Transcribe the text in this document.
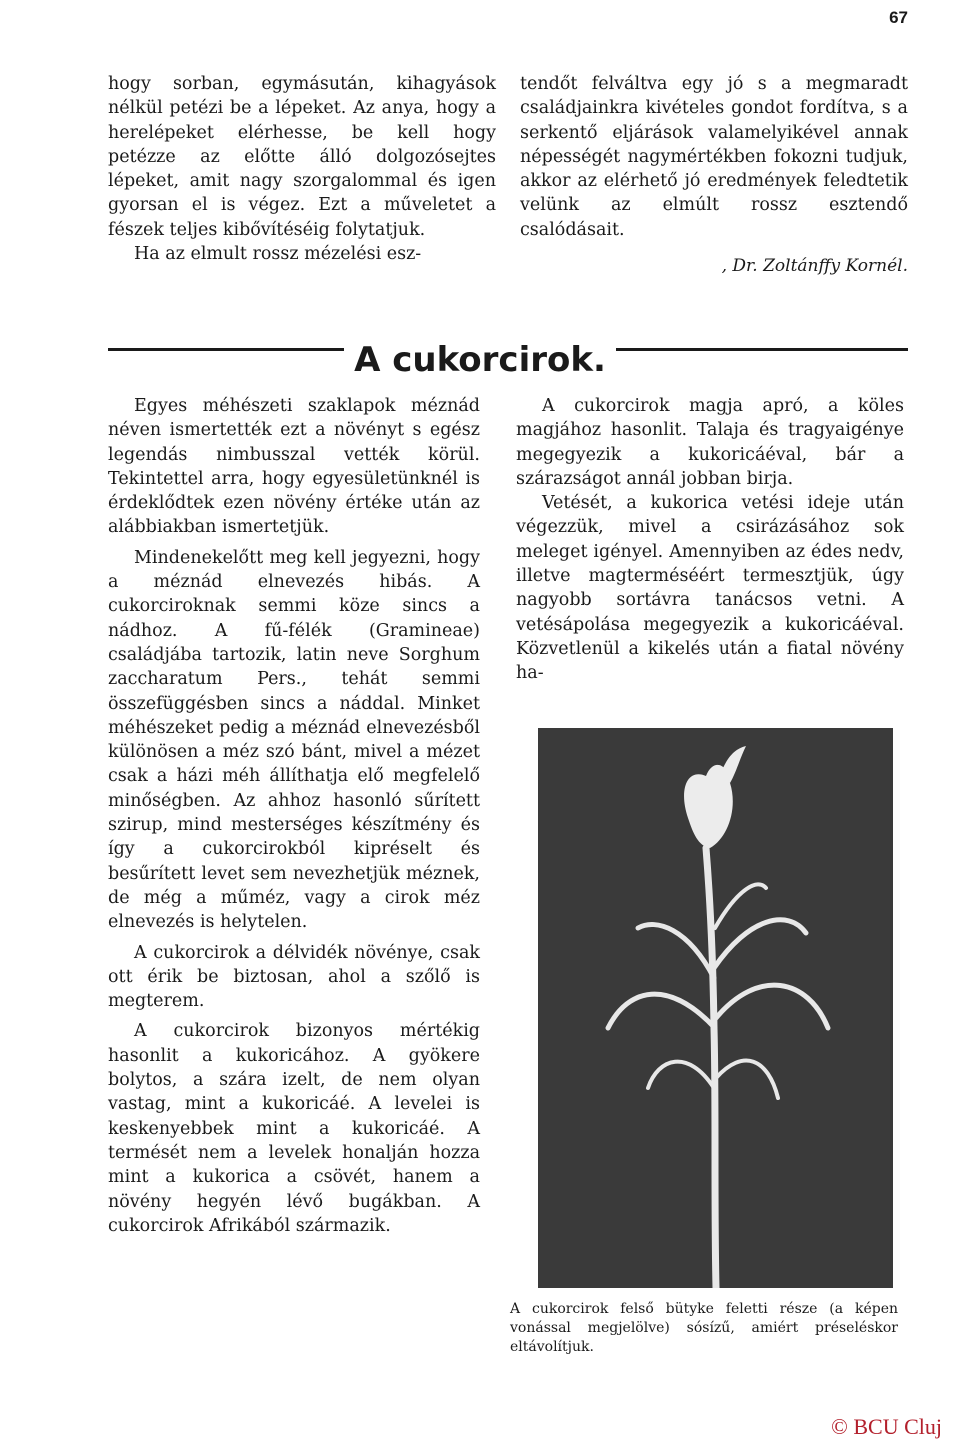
67

hogy sorban, egymásután, kihagyások nélkül petézi be a lépeket. Az anya, hogy a herelépeket elérhesse, be kell hogy petézze az előtte álló dolgozósejtes lépeket, amit nagy szorgalommal és igen gyorsan el is végez. Ezt a műveletet a fészek teljes kibővítéséig folytatjuk.

Ha az elmult rossz mézelési esz-

tendőt felváltva egy jó s a megmaradt családjainkra kivételes gondot fordítva, s a serkentő eljárások valamelyikével annak népességét nagymértékben fokozni tudjuk, akkor az elérhető jó eredmények feledtetik velünk az elmúlt rossz esztendő csalódásait.

, Dr. Zoltánffy Kornél.
A cukorcirok.

Egyes méhészeti szaklapok méznád néven ismertették ezt a növényt s egész legendás nimbusszal vették körül. Tekintettel arra, hogy egyesületünknél is érdeklődtek ezen növény értéke után az alábbiakban ismertetjük.

Mindenekelőtt meg kell jegyezni, hogy a méznád elnevezés hibás. A cukorciroknak semmi köze sincs a nádhoz. A fű-félék (Gramineae) családjába tartozik, latin neve Sorghum zaccharatum Pers., tehát semmi összefüggésben sincs a náddal. Minket méhészeket pedig a méznád elnevezésből különösen a méz szó bánt, mivel a mézet csak a házi méh állíthatja elő megfelelő minőségben. Az ahhoz hasonló sűrített szirup, mind mesterséges készítmény és így a cukorcirokból kipréselt és besűrített levet sem nevezhetjük méznek, de még a műméz, vagy a cirok méz elnevezés is helytelen.

A cukorcirok a délvidék növénye, csak ott érik be biztosan, ahol a szőlő is megterem.

A cukorcirok bizonyos mértékig hasonlit a kukoricához. A gyökere bolytos, a szára izelt, de nem olyan vastag, mint a kukoricáé. A levelei is keskenyebbek mint a kukoricáé. A termését nem a levelek honalján hozza mint a kukorica a csövét, hanem a növény hegyén lévő bugákban. A cukorcirok Afrikából származik.

A cukorcirok magja apró, a köles magjához hasonlit. Talaja és tragyaigénye megegyezik a kukoricáéval, bár a szárazságot annál jobban birja.

Vetését, a kukorica vetési ideje után végezzük, mivel a csirázásához sok meleget igényel. Amennyiben az édes nedv, illetve magterméséért termesztjük, úgy nagyobb sortávra tanácsos vetni. A vetésápolása megegyezik a kukoricáéval. Közvetlenül a kikelés után a fiatal növény ha-

A cukorcirok felső bütyke feletti része (a képen vonással megjelölve) sósízű, amiért préseléskor eltávolítjuk.
© BCU Cluj
